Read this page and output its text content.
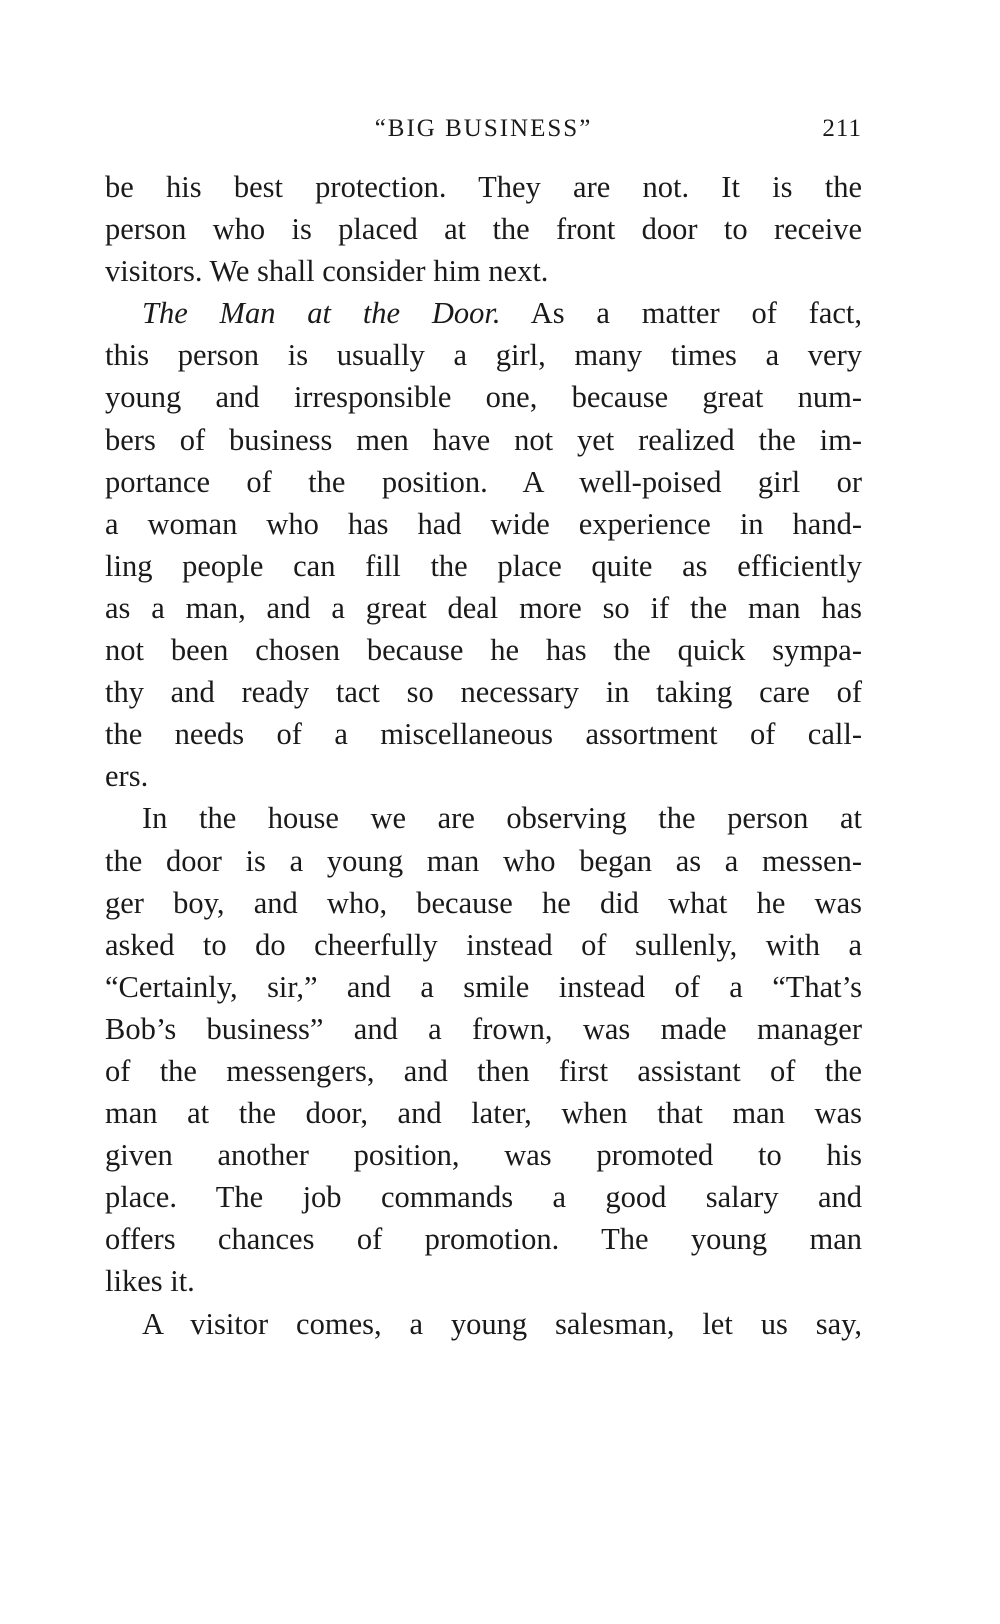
“BIG BUSINESS”	211
be his best protection. They are not. It is the
person who is placed at the front door to receive
visitors. We shall consider him next.
The Man at the Door. As a matter of fact,
this person is usually a girl, many times a very
young and irresponsible one, because great num-
bers of business men have not yet realized the im-
portance of the position. A well-poised girl or
a woman who has had wide experience in hand-
ling people can fill the place quite as efficiently
as a man, and a great deal more so if the man has
not been chosen because he has the quick sympa-
thy and ready tact so necessary in taking care of
the needs of a miscellaneous assortment of call-
ers.
In the house we are observing the person at
the door is a young man who began as a messen-
ger boy, and who, because he did what he was
asked to do cheerfully instead of sullenly, with a
“Certainly, sir,” and a smile instead of a “That’s
Bob’s business” and a frown, was made manager
of the messengers, and then first assistant of the
man at the door, and later, when that man was
given another position, was promoted to his
place. The job commands a good salary and
offers chances of promotion. The young man
likes it.
A visitor comes, a young salesman, let us say,
